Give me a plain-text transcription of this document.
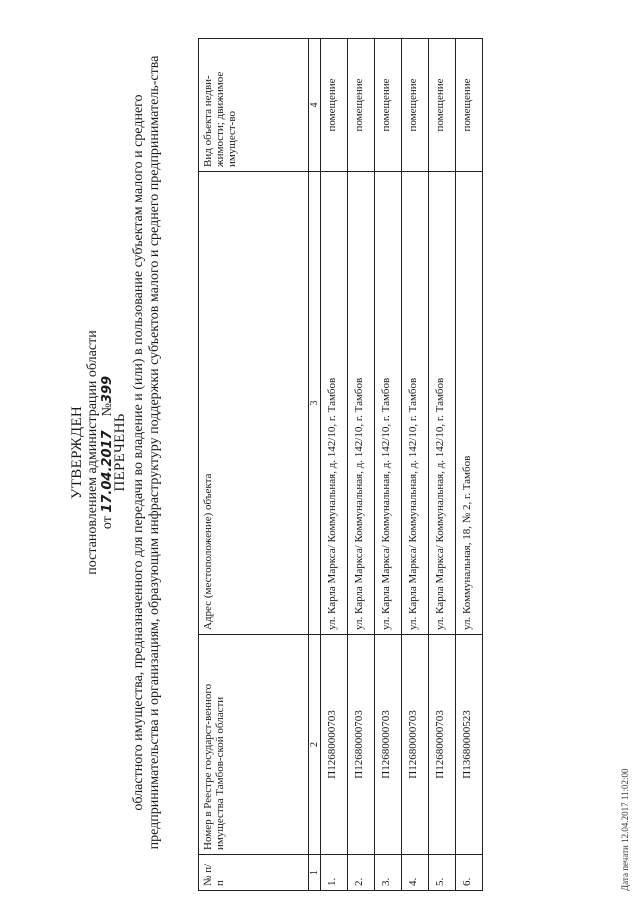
УТВЕРЖДЕН постановлением администрации области от 17.04.2017    №399
ПЕРЕЧЕНЬ областного имущества, предназначенного для передачи во владение и (или) в пользование субъектам малого и среднего предпринимательства и организациям, образующим инфраструктуру поддержки субъектов малого и среднего предприниматель-ства
№ п/п	Номер в Реестре государст-венного имущества Тамбов-ской области	Адрес (местоположение) объекта	Вид объекта недви-жимости; движимое имущест-во
1	2	3	4
1.	П12680000703	ул. Карла Маркса/ Коммунальная, д. 142/10, г. Тамбов	помещение
2.	П12680000703	ул. Карла Маркса/ Коммунальная, д. 142/10, г. Тамбов	помещение
3.	П12680000703	ул. Карла Маркса/ Коммунальная, д. 142/10, г. Тамбов	помещение
4.	П12680000703	ул. Карла Маркса/ Коммунальная, д. 142/10, г. Тамбов	помещение
5.	П12680000703	ул. Карла Маркса/ Коммунальная, д. 142/10, г. Тамбов	помещение
6.	П13680000523	ул. Коммунальная, 18, № 2, г. Тамбов	помещение
Дата печати 12.04.2017 11:02:00
